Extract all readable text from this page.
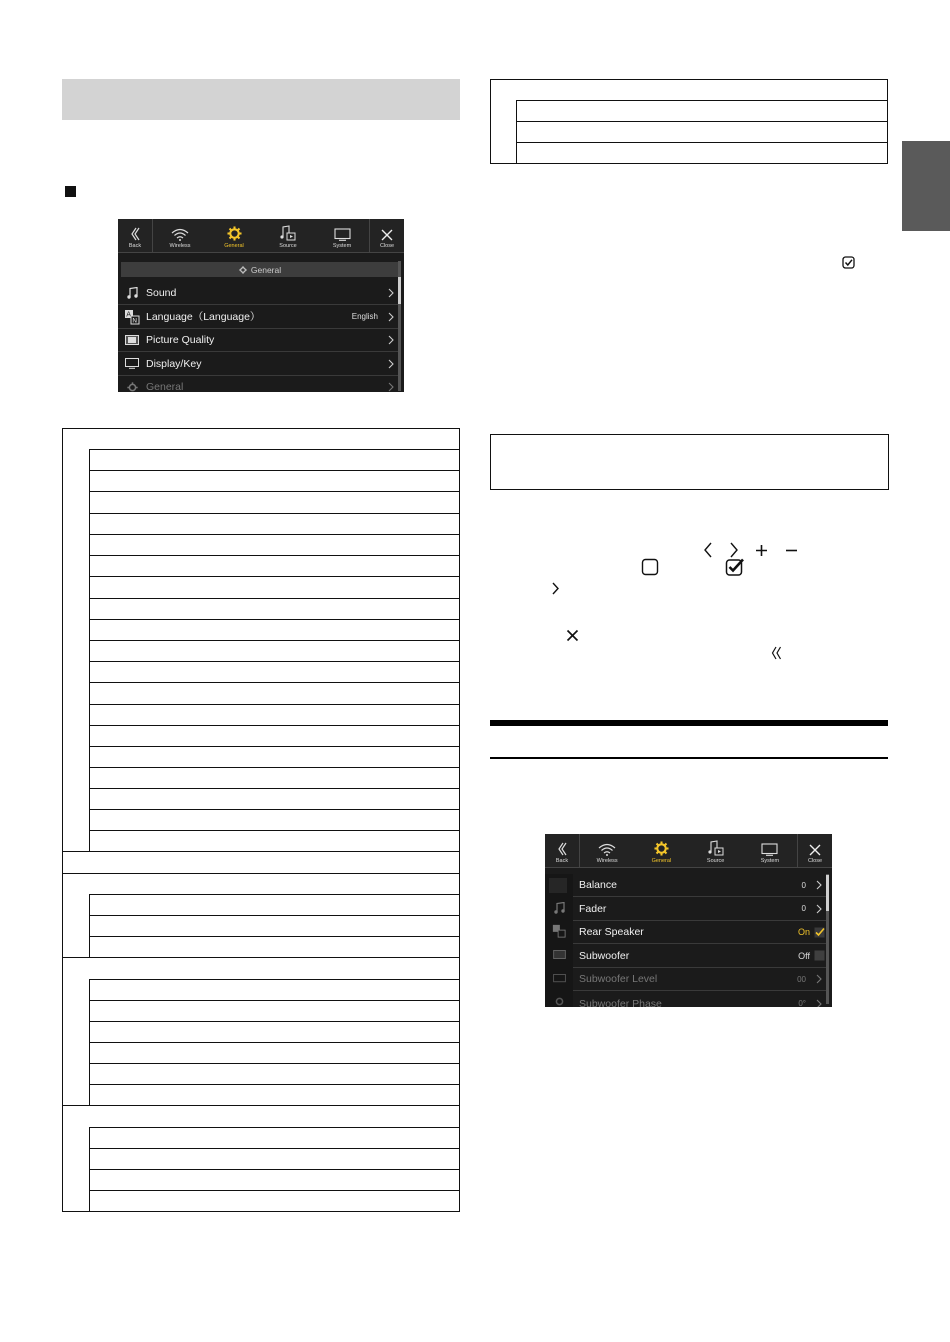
Back	Wireless	General	Source	System	Close
General
Sound
A
N Language（Language）	English
Picture Quality
Display/Key
General
Back	Wireless	General	Source	System	Close
Balance	0
Fader	0
Rear Speaker	On
Subwoofer	Off
Subwoofer Level	00
Subwoofer Phase	0°
